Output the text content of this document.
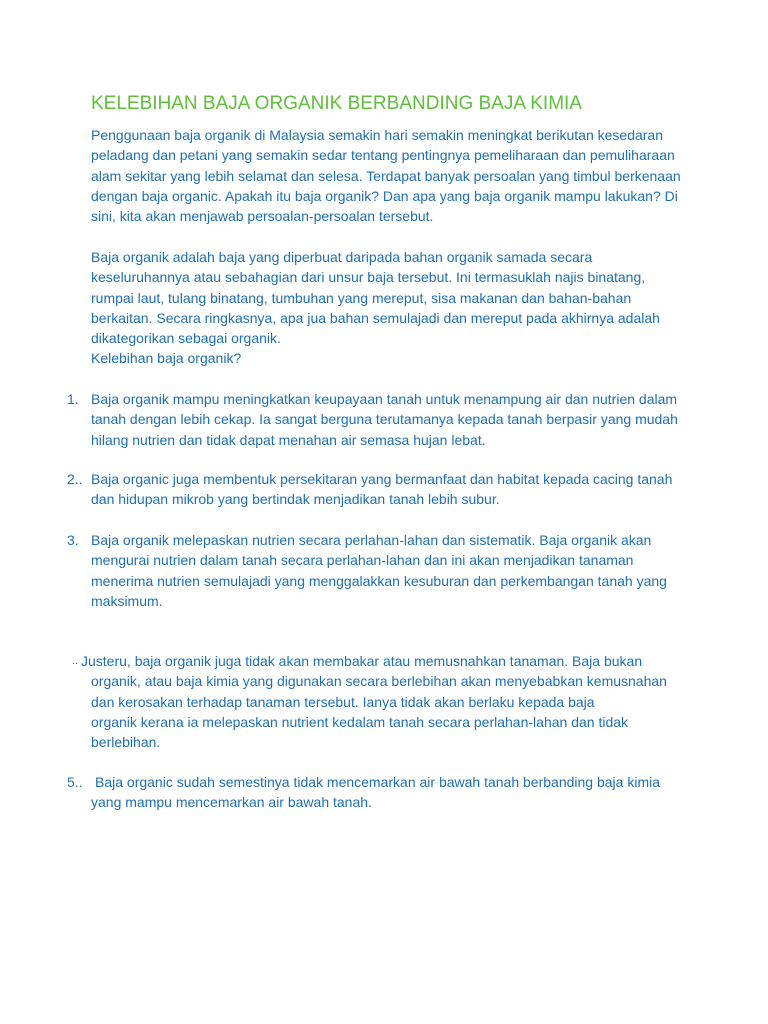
KELEBIHAN BAJA ORGANIK BERBANDING BAJA KIMIA
Penggunaan baja organik di Malaysia semakin hari semakin meningkat berikutan kesedaran
peladang dan petani yang semakin sedar tentang pentingnya pemeliharaan dan pemuliharaan
alam sekitar yang lebih selamat dan selesa. Terdapat banyak persoalan yang timbul berkenaan
dengan baja organic. Apakah itu baja organik? Dan apa yang baja organik mampu lakukan? Di
sini, kita akan menjawab persoalan-persoalan tersebut.
Baja organik adalah baja yang diperbuat daripada bahan organik samada secara
keseluruhannya atau sebahagian dari unsur baja tersebut. Ini termasuklah najis binatang,
rumpai laut, tulang binatang, tumbuhan yang mereput, sisa makanan dan bahan-bahan
berkaitan. Secara ringkasnya, apa jua bahan semulajadi dan mereput pada akhirnya adalah
dikategorikan sebagai organik.
Kelebihan baja organik?
1. Baja organik mampu meningkatkan keupayaan tanah untuk menampung air dan nutrien dalam
tanah dengan lebih cekap. Ia sangat berguna terutamanya kepada tanah berpasir yang mudah
hilang nutrien dan tidak dapat menahan air semasa hujan lebat.
2.. Baja organic juga membentuk persekitaran yang bermanfaat dan habitat kepada cacing tanah
dan hidupan mikrob yang bertindak menjadikan tanah lebih subur.
3. Baja organik melepaskan nutrien secara perlahan-lahan dan sistematik. Baja organik akan
mengurai nutrien dalam tanah secara perlahan-lahan dan ini akan menjadikan tanaman
menerima nutrien semulajadi yang menggalakkan kesuburan dan perkembangan tanah yang
maksimum.
.. Justeru, baja organik juga tidak akan membakar atau memusnahkan tanaman. Baja bukan
organik, atau baja kimia yang digunakan secara berlebihan akan menyebabkan kemusnahan
dan kerosakan terhadap tanaman tersebut. Ianya tidak akan berlaku kepada baja
organik kerana ia melepaskan nutrient kedalam tanah secara perlahan-lahan dan tidak
berlebihan.
5.. Baja organic sudah semestinya tidak mencemarkan air bawah tanah berbanding baja kimia
yang mampu mencemarkan air bawah tanah.
